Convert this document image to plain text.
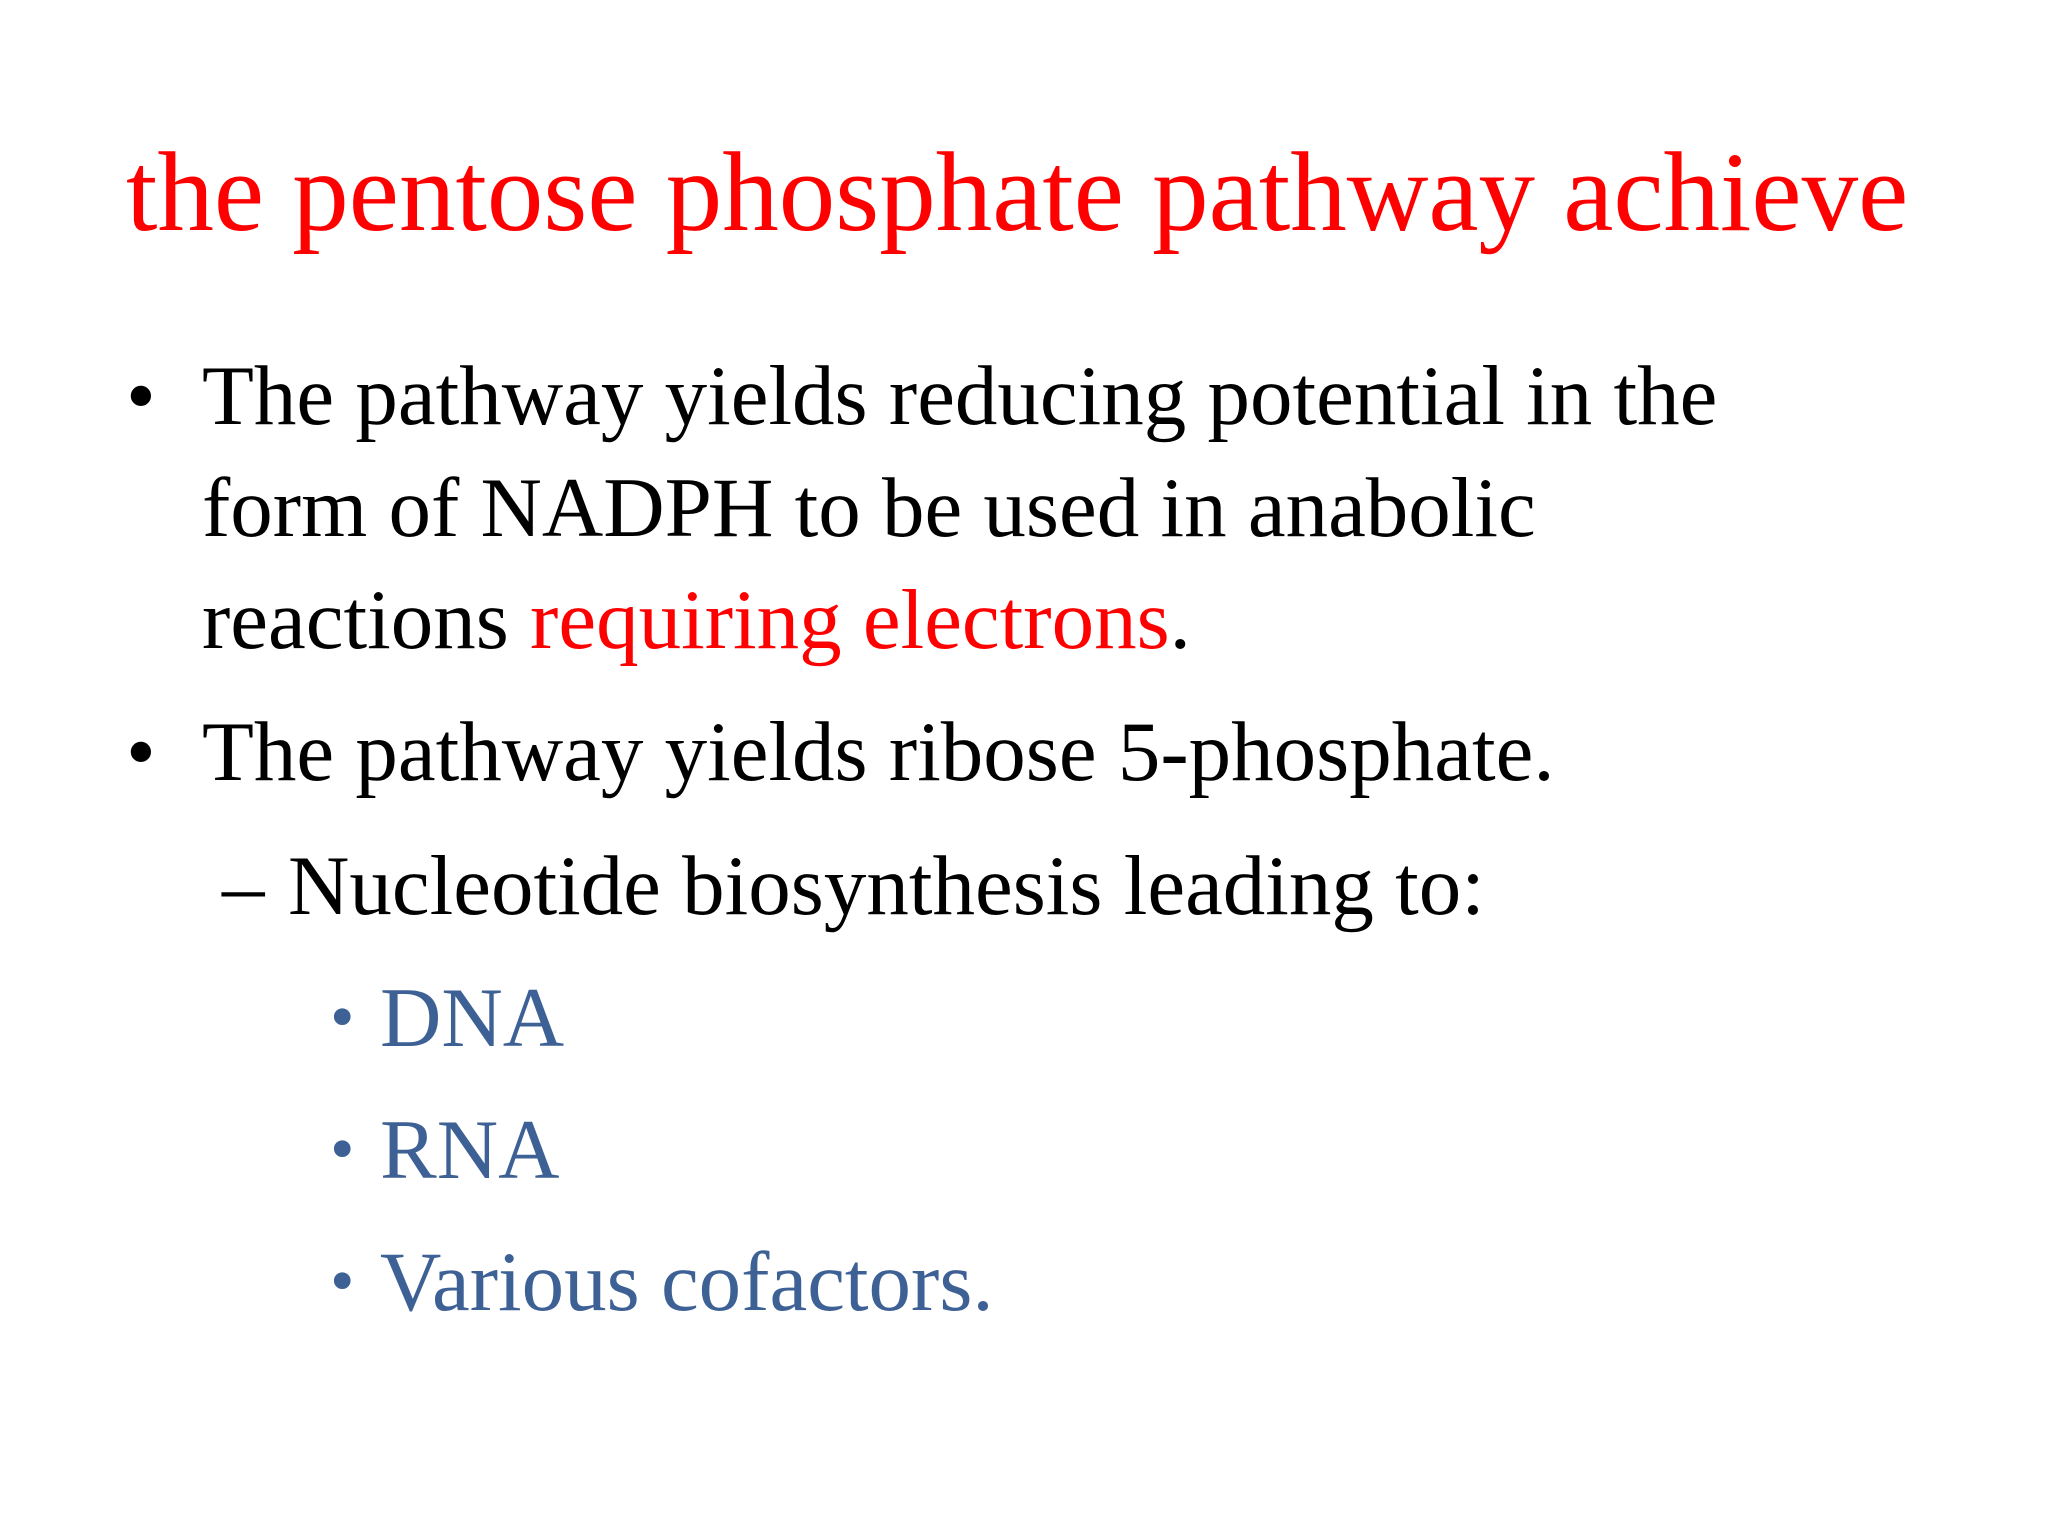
the pentose phosphate pathway achieve
• The pathway yields reducing potential in the
form of NADPH to be used in anabolic
reactions requiring electrons.
• The pathway yields ribose 5-phosphate.
– Nucleotide biosynthesis leading to:
• DNA
• RNA
• Various cofactors.
